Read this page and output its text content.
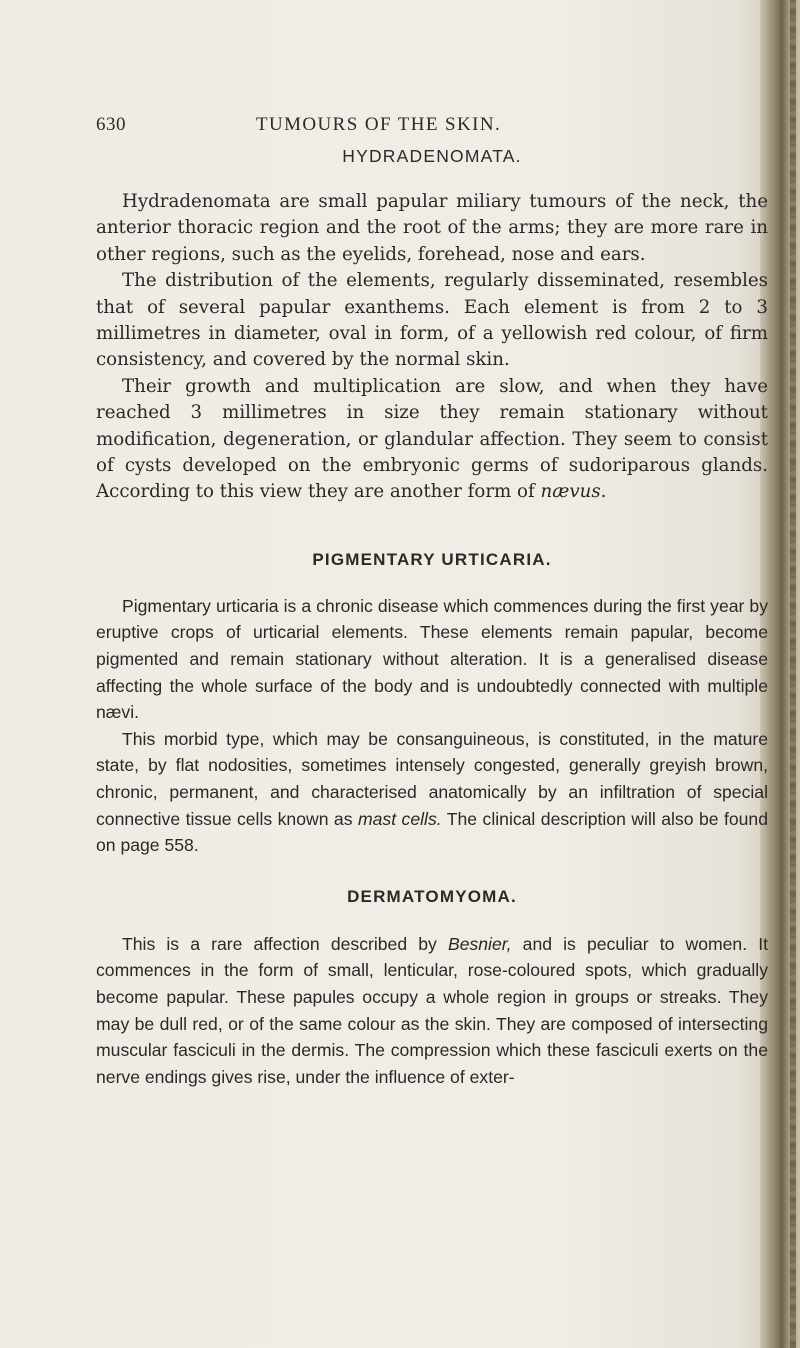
630	TUMOURS OF THE SKIN.
HYDRADENOMATA.

Hydradenomata are small papular miliary tumours of the neck, the anterior thoracic region and the root of the arms; they are more rare in other regions, such as the eyelids, forehead, nose and ears.

The distribution of the elements, regularly disseminated, resembles that of several papular exanthems. Each element is from 2 to 3 millimetres in diameter, oval in form, of a yellowish red colour, of firm consistency, and covered by the normal skin.

Their growth and multiplication are slow, and when they have reached 3 millimetres in size they remain stationary without modification, degeneration, or glandular affection. They seem to consist of cysts developed on the embryonic germs of sudoriparous glands. According to this view they are another form of nævus.

PIGMENTARY URTICARIA.

Pigmentary urticaria is a chronic disease which commences during the first year by eruptive crops of urticarial elements. These elements remain papular, become pigmented and remain stationary without alteration. It is a generalised disease affecting the whole surface of the body and is undoubtedly connected with multiple nævi.

This morbid type, which may be consanguineous, is constituted, in the mature state, by flat nodosities, sometimes intensely congested, generally greyish brown, chronic, permanent, and characterised anatomically by an infiltration of special connective tissue cells known as mast cells. The clinical description will also be found on page 558.

DERMATOMYOMA.

This is a rare affection described by Besnier, and is peculiar to women. It commences in the form of small, lenticular, rose-coloured spots, which gradually become papular. These papules occupy a whole region in groups or streaks. They may be dull red, or of the same colour as the skin. They are composed of intersecting muscular fasciculi in the dermis. The compression which these fasciculi exerts on the nerve endings gives rise, under the influence of exter-
